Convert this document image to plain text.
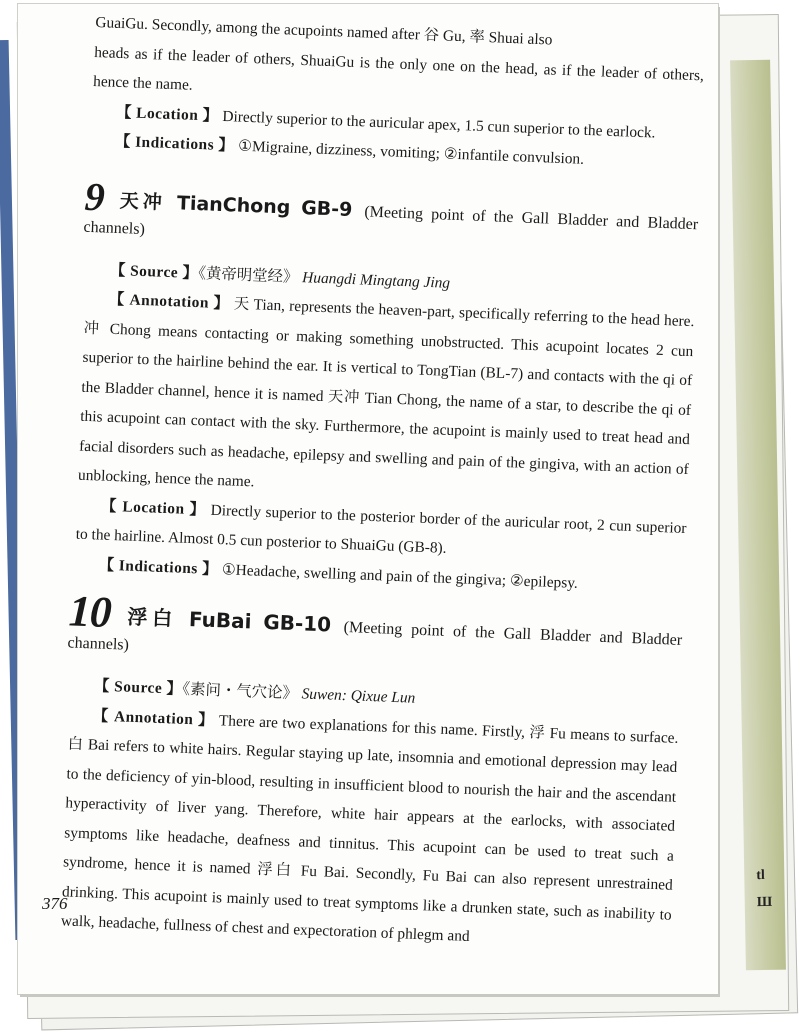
tl
Ш

GuaiGu. Secondly, among the acupoints named after 谷 Gu, 率 Shuai also

heads as if the leader of others, ShuaiGu is the only one on the head, as if the leader of others, hence the name.

【 Location 】 Directly superior to the auricular apex, 1.5 cun superior to the earlock.

【 Indications 】 ①Migraine, dizziness, vomiting; ②infantile convulsion.

9 天冲 TianChong GB-9 (Meeting point of the Gall Bladder and Bladder channels)

【 Source 】《黄帝明堂经》 Huangdi Mingtang Jing

【 Annotation 】 天 Tian, represents the heaven-part, specifically referring to the head here. 冲 Chong means contacting or making something unobstructed. This acupoint locates 2 cun superior to the hairline behind the ear. It is vertical to TongTian (BL-7) and contacts with the qi of the Bladder channel, hence it is named 天冲 Tian Chong, the name of a star, to describe the qi of this acupoint can contact with the sky. Furthermore, the acupoint is mainly used to treat head and facial disorders such as headache, epilepsy and swelling and pain of the gingiva, with an action of unblocking, hence the name.

【 Location 】 Directly superior to the posterior border of the auricular root, 2 cun superior to the hairline. Almost 0.5 cun posterior to ShuaiGu (GB-8).

【 Indications 】 ①Headache, swelling and pain of the gingiva; ②epilepsy.

10 浮白 FuBai GB-10 (Meeting point of the Gall Bladder and Bladder channels)

【 Source 】《素问・气穴论》 Suwen: Qixue Lun

【 Annotation 】 There are two explanations for this name. Firstly, 浮 Fu means to surface. 白 Bai refers to white hairs. Regular staying up late, insomnia and emotional depression may lead to the deficiency of yin-blood, resulting in insufficient blood to nourish the hair and the ascendant hyperactivity of liver yang. Therefore, white hair appears at the earlocks, with associated symptoms like headache, deafness and tinnitus. This acupoint can be used to treat such a syndrome, hence it is named 浮白 Fu Bai. Secondly, Fu Bai can also represent unrestrained drinking. This acupoint is mainly used to treat symptoms like a drunken state, such as inability to walk, headache, fullness of chest and expectoration of phlegm and

376
